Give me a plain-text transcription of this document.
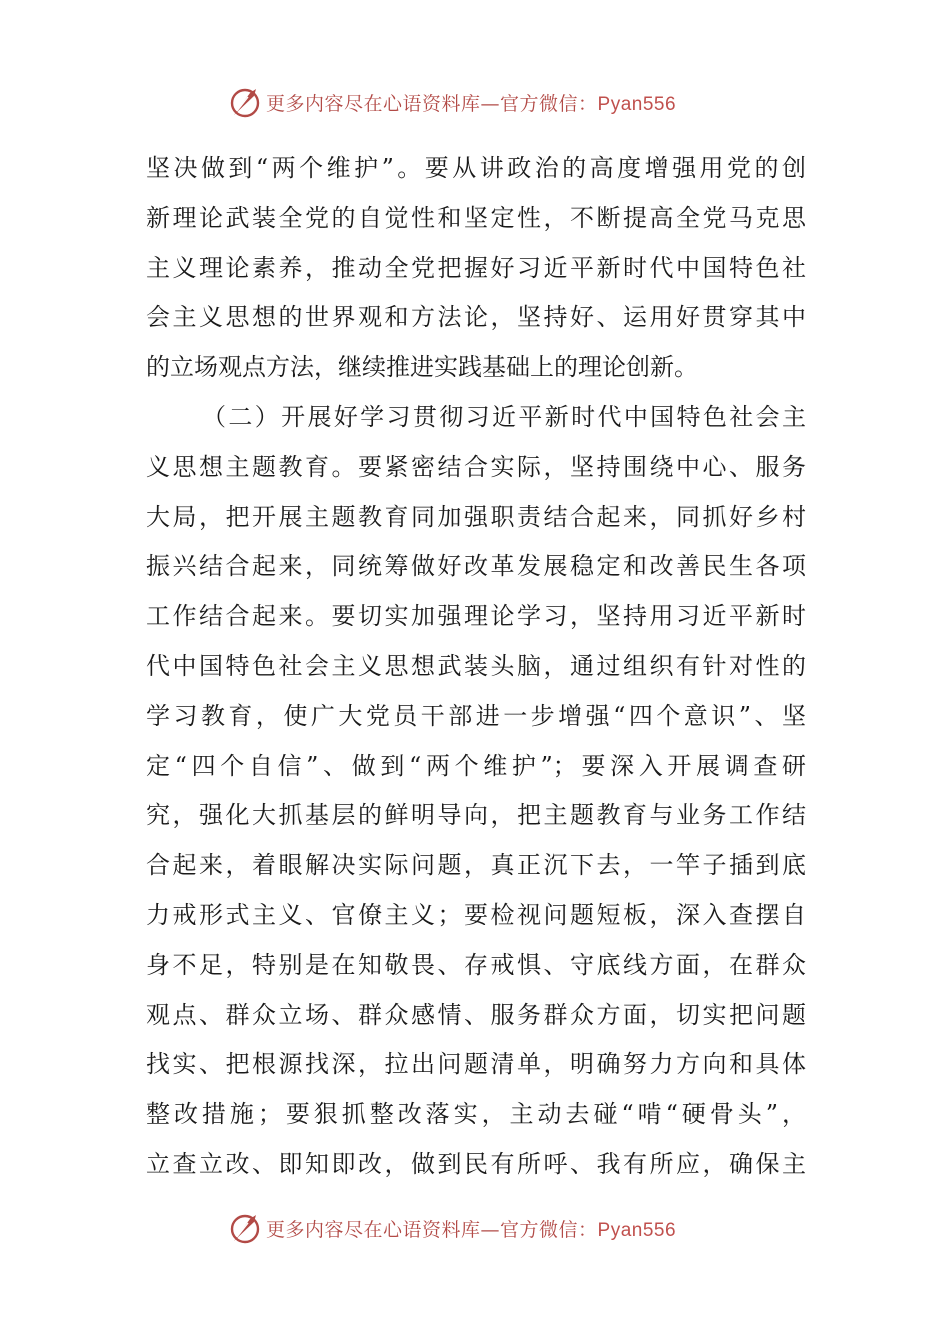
更多内容尽在心语资料库—官方微信：Pyan556
坚决做到“两个维护”。要从讲政治的高度增强用党的创
新理论武装全党的自觉性和坚定性，不断提高全党马克思
主义理论素养，推动全党把握好习近平新时代中国特色社
会主义思想的世界观和方法论，坚持好、运用好贯穿其中
的立场观点方法，继续推进实践基础上的理论创新。
（二）开展好学习贯彻习近平新时代中国特色社会主
义思想主题教育。要紧密结合实际，坚持围绕中心、服务
大局，把开展主题教育同加强职责结合起来，同抓好乡村
振兴结合起来，同统筹做好改革发展稳定和改善民生各项
工作结合起来。要切实加强理论学习，坚持用习近平新时
代中国特色社会主义思想武装头脑，通过组织有针对性的
学习教育，使广大党员干部进一步增强“四个意识”、坚
定“四个自信”、做到“两个维护”；要深入开展调查研
究，强化大抓基层的鲜明导向，把主题教育与业务工作结
合起来，着眼解决实际问题，真正沉下去，一竿子插到底
力戒形式主义、官僚主义；要检视问题短板，深入查摆自
身不足，特别是在知敬畏、存戒惧、守底线方面，在群众
观点、群众立场、群众感情、服务群众方面，切实把问题
找实、把根源找深，拉出问题清单，明确努力方向和具体
整改措施；要狠抓整改落实，主动去碰“啃“硬骨头”，
立查立改、即知即改，做到民有所呼、我有所应，确保主
更多内容尽在心语资料库—官方微信：Pyan556
